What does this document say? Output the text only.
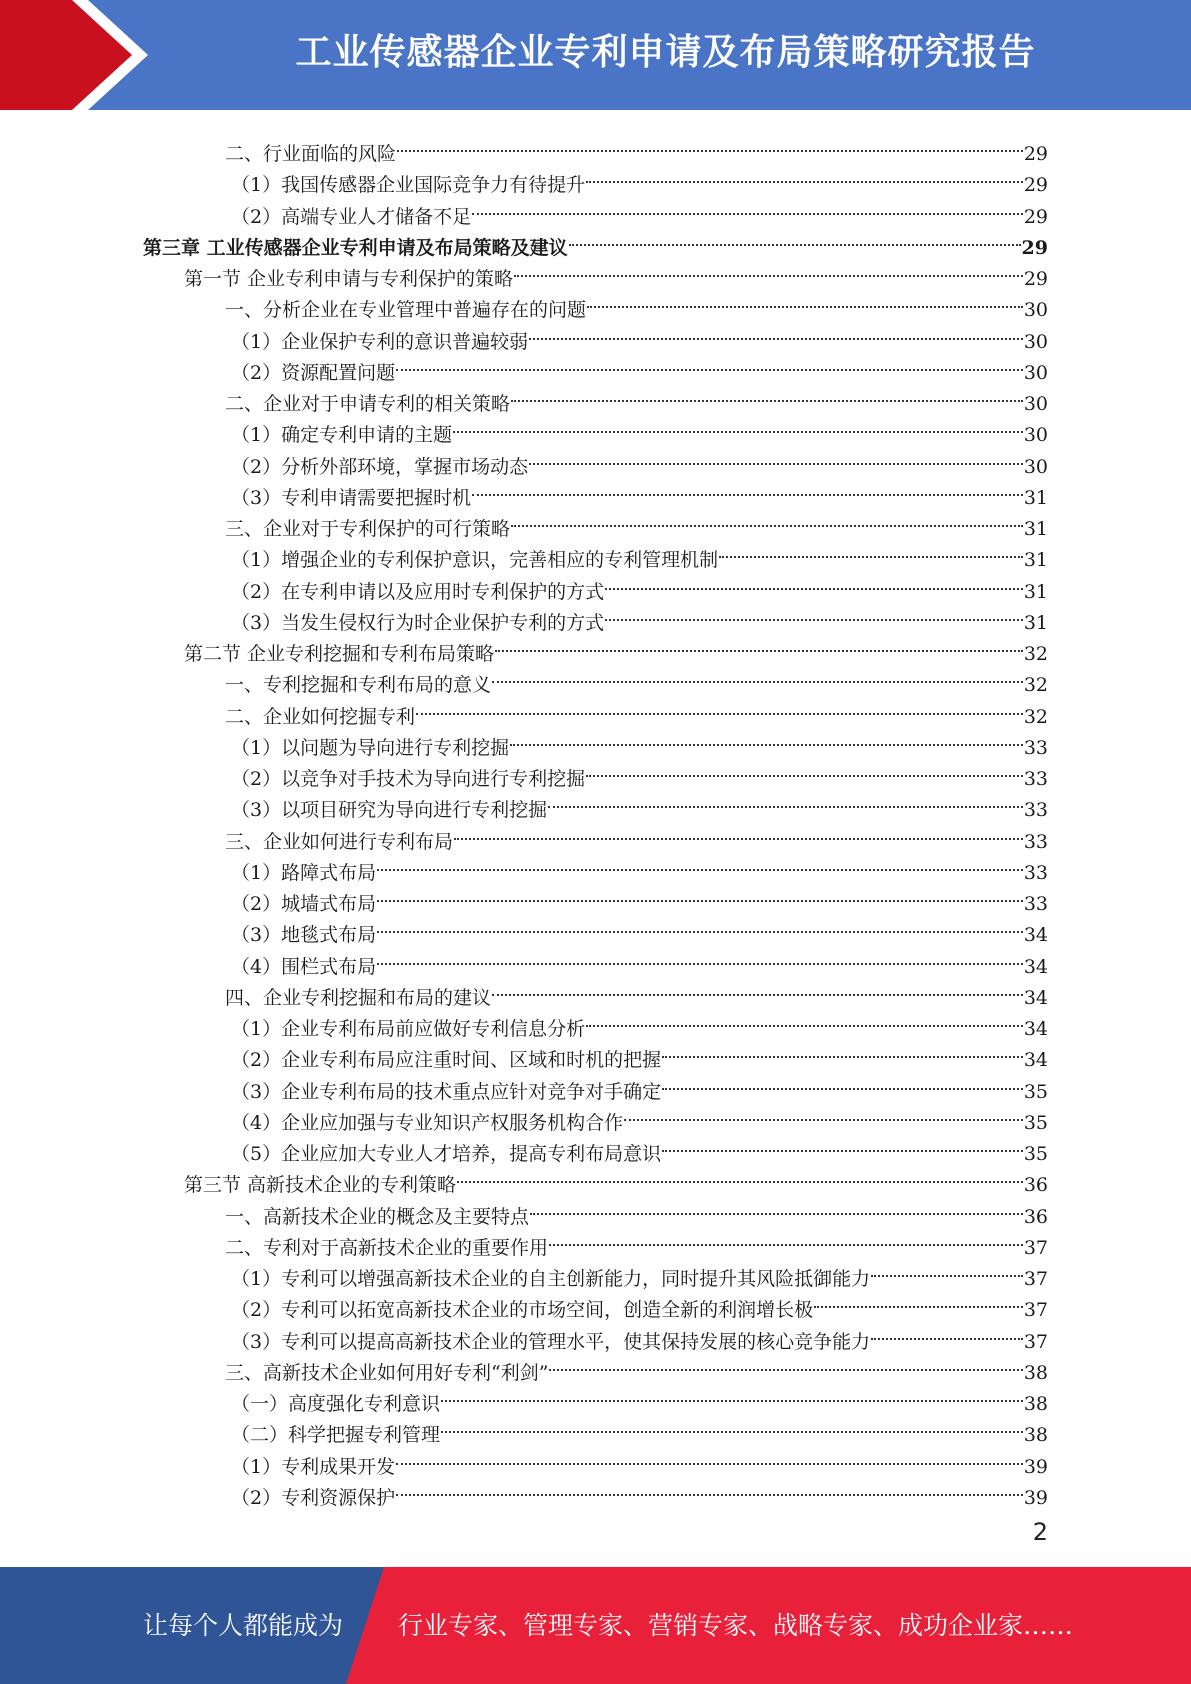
工业传感器企业专利申请及布局策略研究报告
二、行业面临的风险	29
（1）我国传感器企业国际竞争力有待提升	29
（2）高端专业人才储备不足	29
第三章 工业传感器企业专利申请及布局策略及建议	29
第一节 企业专利申请与专利保护的策略	29
一、分析企业在专业管理中普遍存在的问题	30
（1）企业保护专利的意识普遍较弱	30
（2）资源配置问题	30
二、企业对于申请专利的相关策略	30
（1）确定专利申请的主题	30
（2）分析外部环境，掌握市场动态	30
（3）专利申请需要把握时机	31
三、企业对于专利保护的可行策略	31
（1）增强企业的专利保护意识，完善相应的专利管理机制	31
（2）在专利申请以及应用时专利保护的方式	31
（3）当发生侵权行为时企业保护专利的方式	31
第二节 企业专利挖掘和专利布局策略	32
一、专利挖掘和专利布局的意义	32
二、企业如何挖掘专利	32
（1）以问题为导向进行专利挖掘	33
（2）以竞争对手技术为导向进行专利挖掘	33
（3）以项目研究为导向进行专利挖掘	33
三、企业如何进行专利布局	33
（1）路障式布局	33
（2）城墙式布局	33
（3）地毯式布局	34
（4）围栏式布局	34
四、企业专利挖掘和布局的建议	34
（1）企业专利布局前应做好专利信息分析	34
（2）企业专利布局应注重时间、区域和时机的把握	34
（3）企业专利布局的技术重点应针对竞争对手确定	35
（4）企业应加强与专业知识产权服务机构合作	35
（5）企业应加大专业人才培养，提高专利布局意识	35
第三节 高新技术企业的专利策略	36
一、高新技术企业的概念及主要特点	36
二、专利对于高新技术企业的重要作用	37
（1）专利可以增强高新技术企业的自主创新能力，同时提升其风险抵御能力	37
（2）专利可以拓宽高新技术企业的市场空间，创造全新的利润增长极	37
（3）专利可以提高高新技术企业的管理水平，使其保持发展的核心竞争能力	37
三、高新技术企业如何用好专利“利剑”	38
（一）高度强化专利意识	38
（二）科学把握专利管理	38
（1）专利成果开发	39
（2）专利资源保护	39
2
让每个人都能成为 行业专家、管理专家、营销专家、战略专家、成功企业家……
